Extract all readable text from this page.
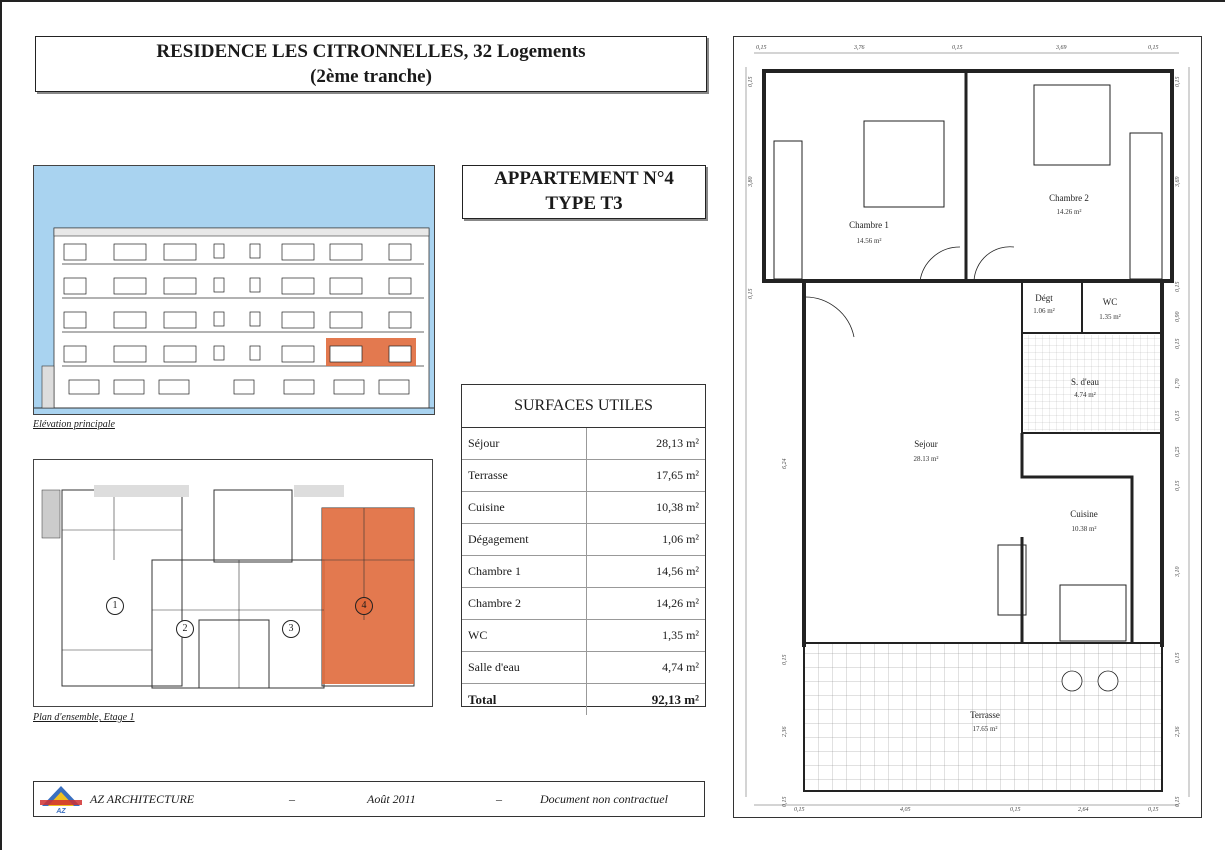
RESIDENCE LES CITRONNELLES, 32 Logements
(2ème tranche)
Elévation principale
APPARTEMENT N°4
TYPE T3
Plan d'ensemble, Etage 1
1
2	3
4
SURFACES UTILES
Séjour	28,13 m²
Terrasse	17,65 m²
Cuisine	10,38 m²
Dégagement	1,06 m²
Chambre 1	14,56 m²
Chambre 2	14,26 m²
WC	1,35 m²
Salle d'eau	4,74 m²
Total	92,13 m²
AZ
AZ ARCHITECTURE	–	Août 2011	–	Document non contractuel
Chambre 1
14.56 m²
Chambre 2
14.26 m²
Dégt
1.06 m²
WC
1.35 m²
S. d'eau
4.74 m²
Sejour
28.13 m²
Cuisine
10.38 m²
Terrasse
17.65 m²
0,15	3,76	0,15	3,69	0,15
0,15	4,05	0,15	2,64	0,15
0,15
3,80
0,15
6,24
0,15
2,36
0,15
0,15
3,69
0,15
0,90
0,15
1,70
0,15
0,25
0,15
3,10
0,15
2,36
0,15
